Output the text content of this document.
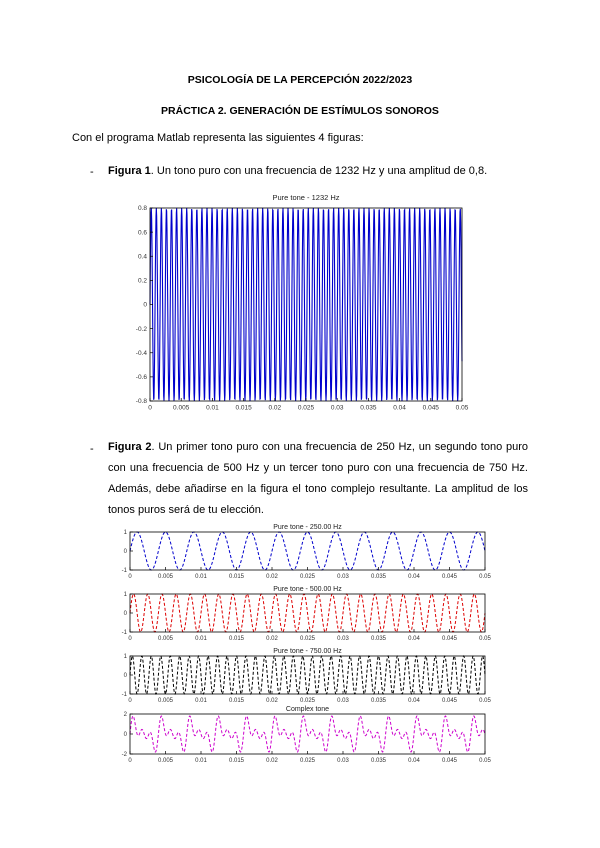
PSICOLOGÍA DE LA PERCEPCIÓN 2022/2023
PRÁCTICA 2. GENERACIÓN DE ESTÍMULOS SONOROS
Con el programa Matlab representa las siguientes 4 figuras:
- Figura 1. Un tono puro con una frecuencia de 1232 Hz y una amplitud de 0,8.
Pure tone - 1232 Hz
0	0.005	0.01	0.015	0.02	0.025	0.03	0.035	0.04	0.045	0.05
0.8
0.6
0.4
0.2
0
-0.2
-0.4
-0.6
-0.8
- Figura 2. Un primer tono puro con una frecuencia de 250 Hz, un segundo tono puro con una frecuencia de 500 Hz y un tercer tono puro con una frecuencia de 750 Hz. Además, debe añadirse en la figura el tono complejo resultante. La amplitud de los tonos puros será de tu elección.
Pure tone - 250.00 Hz
0	0.005	0.01	0.015	0.02	0.025	0.03	0.035	0.04	0.045	0.05
1
0
-1
Pure tone - 500.00 Hz
0	0.005	0.01	0.015	0.02	0.025	0.03	0.035	0.04	0.045	0.05
1
0
-1
Pure tone - 750.00 Hz
0	0.005	0.01	0.015	0.02	0.025	0.03	0.035	0.04	0.045	0.05
1
0
-1
Complex tone
0	0.005	0.01	0.015	0.02	0.025	0.03	0.035	0.04	0.045	0.05
2
0
-2
